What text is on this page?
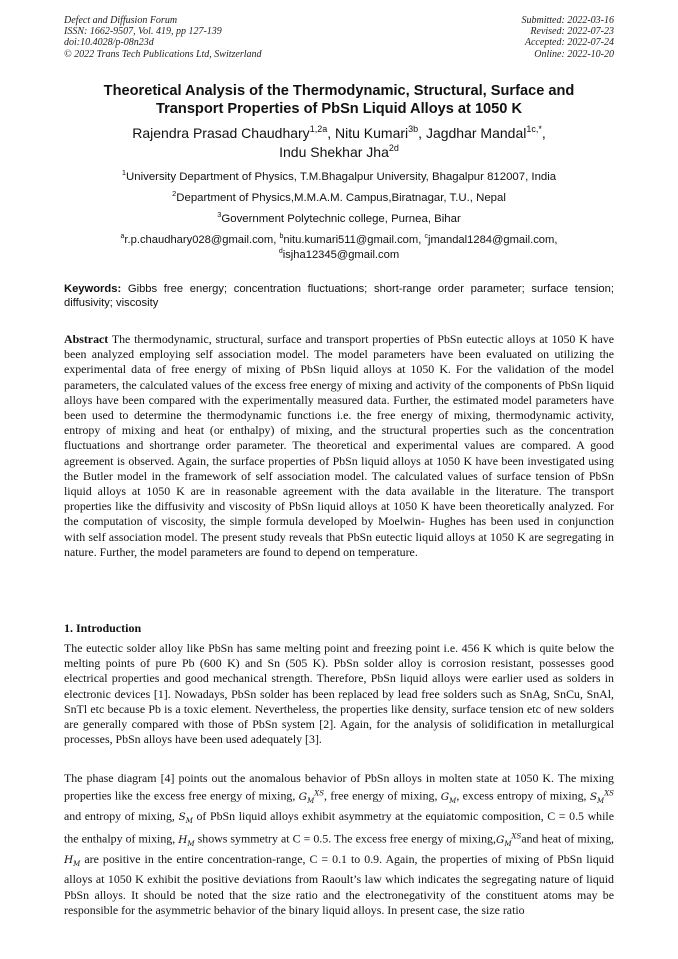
Defect and Diffusion Forum
ISSN: 1662-9507, Vol. 419, pp 127-139
doi:10.4028/p-08n23d
© 2022 Trans Tech Publications Ltd, Switzerland
Submitted: 2022-03-16
Revised: 2022-07-23
Accepted: 2022-07-24
Online: 2022-10-20
Theoretical Analysis of the Thermodynamic, Structural, Surface and
Transport Properties of PbSn Liquid Alloys at 1050 K
Rajendra Prasad Chaudhary$^{1,2a}$, Nitu Kumari$^{3b}$, Jagdhar Mandal$^{1c,*}$,
Indu Shekhar Jha$^{2d}$
$^1$University Department of Physics, T.M.Bhagalpur University, Bhagalpur 812007, India
$^2$Department of Physics,M.M.A.M. Campus,Biratnagar, T.U., Nepal
$^3$Government Polytechnic college, Purnea, Bihar
$^a$r.p.chaudhary028@gmail.com, $^b$nitu.kumari511@gmail.com, $^c$jmandal1284@gmail.com,
$^d$isjha12345@gmail.com
Keywords: Gibbs free energy; concentration fluctuations; short-range order parameter; surface tension; diffusivity; viscosity
Abstract The thermodynamic, structural, surface and transport properties of PbSn eutectic alloys at 1050 K have been analyzed employing self association model. The model parameters have been evaluated on utilizing the experimental data of free energy of mixing of PbSn liquid alloys at 1050 K. For the validation of the model parameters, the calculated values of the excess free energy of mixing and activity of the components of PbSn liquid alloys have been compared with the experimentally measured data. Further, the estimated model parameters have been used to determine the thermodynamic functions i.e. the free energy of mixing, thermodynamic activity, entropy of mixing and heat (or enthalpy) of mixing, and the structural properties such as the concentration fluctuations and shortrange order parameter. The theoretical and experimental values are compared. A good agreement is observed. Again, the surface properties of PbSn liquid alloys at 1050 K have been investigated using the Butler model in the framework of self association model. The calculated values of surface tension of PbSn liquid alloys at 1050 K are in reasonable agreement with the data available in the literature. The transport properties like the diffusivity and viscosity of PbSn liquid alloys at 1050 K have been theoretically analyzed. For the computation of viscosity, the simple formula developed by Moelwin- Hughes has been used in conjunction with self association model. The present study reveals that PbSn eutectic liquid alloys at 1050 K are segregating in nature. Further, the model parameters are found to depend on temperature.
1. Introduction

The eutectic solder alloy like PbSn has same melting point and freezing point i.e. 456 K which is quite below the melting points of pure Pb (600 K) and Sn (505 K). PbSn solder alloy is corrosion resistant, possesses good electrical properties and good mechanical strength. Therefore, PbSn liquid alloys were earlier used as solders in electronic devices [1]. Nowadays, PbSn solder has been replaced by lead free solders such as SnAg, SnCu, SnAl, SnTl etc because Pb is a toxic element. Nevertheless, the properties like density, surface tension etc of new solders are generally compared with those of PbSn system [2]. Again, for the analysis of solidification in metallurgical processes, PbSn alloys have been used adequately [3].

The phase diagram [4] points out the anomalous behavior of PbSn alloys in molten state at 1050 K. The mixing properties like the excess free energy of mixing, $G_M^{XS}$, free energy of mixing, $G_M$, excess entropy of mixing, $S_M^{XS}$ and entropy of mixing, $S_M$ of PbSn liquid alloys exhibit asymmetry at the equiatomic composition, C = 0.5 while the enthalpy of mixing, $H_M$ shows symmetry at C = 0.5. The excess free energy of $mixing,G_M^{XS}and$ heat of mixing, $H_M$ are positive in the entire concentration-range, C = 0.1 to 0.9. Again, the properties of mixing of PbSn liquid alloys at 1050 K exhibit the positive deviations from Raoult’s law which indicates the segregating nature of liquid PbSn alloys. It should be noted that the size ratio and the electronegativity of the constituent atoms may be responsible for the asymmetric behavior of the binary liquid alloys. In present case, the size ratio
